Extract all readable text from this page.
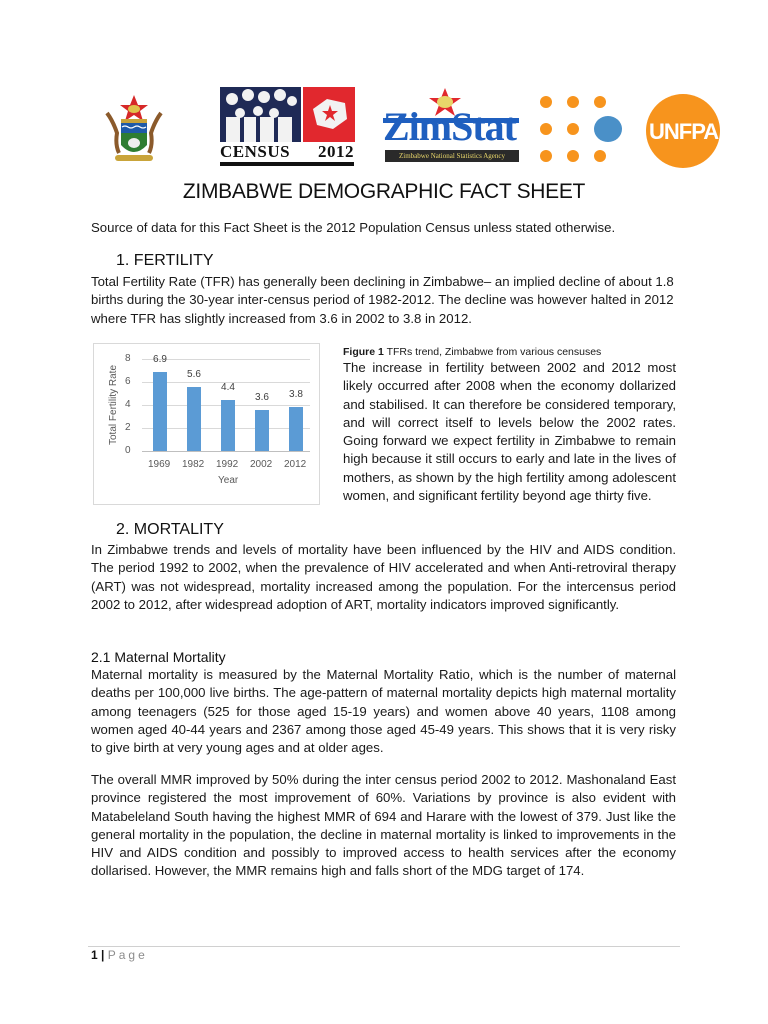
CENSUS 2012
ZimStat
Zimbabwe National Statistics Agency
UNFPA
ZIMBABWE DEMOGRAPHIC FACT SHEET
Source of data for this Fact Sheet is the 2012 Population Census unless stated otherwise.
1. FERTILITY
Total Fertility Rate (TFR) has generally been declining in Zimbabwe– an implied decline of about 1.8 births during the 30-year inter-census period of 1982-2012. The decline was however halted in 2012 where TFR has slightly increased from 3.6 in 2002 to 3.8 in 2012.
Total Fertility Rate
8
6
4
2
0
6.9
5.6
4.4
3.6	3.8
1969 1982 1992 2002 2012
Year
Figure 1 TFRs trend, Zimbabwe from various censuses
The increase in fertility between 2002 and 2012 most likely occurred after 2008 when the economy dollarized and stabilised. It can therefore be considered temporary, and will correct itself to levels below the 2002 rates. Going forward we expect fertility in Zimbabwe to remain high because it still occurs to early and late in the lives of mothers, as shown by the high fertility among adolescent women, and significant fertility beyond age thirty five.
2. MORTALITY
In Zimbabwe trends and levels of mortality have been influenced by the HIV and AIDS condition. The period 1992 to 2002, when the prevalence of HIV accelerated and when Anti-retroviral therapy (ART) was not widespread, mortality increased among the population. For the intercensus period 2002 to 2012, after widespread adoption of ART, mortality indicators improved significantly.
2.1 Maternal Mortality
Maternal mortality is measured by the Maternal Mortality Ratio, which is the number of maternal deaths per 100,000 live births. The age-pattern of maternal mortality depicts high maternal mortality among teenagers (525 for those aged 15-19 years) and women above 40 years, 1108 among women aged 40-44 years and 2367 among those aged 45-49 years. This shows that it is very risky to give birth at very young ages and at older ages.
The overall MMR improved by 50% during the inter census period 2002 to 2012. Mashonaland East province registered the most improvement of 60%. Variations by province is also evident with Matabeleland South having the highest MMR of 694 and Harare with the lowest of 379. Just like the general mortality in the population, the decline in maternal mortality is linked to improvements in the HIV and AIDS condition and possibly to improved access to health services after the economy dollarised. However, the MMR remains high and falls short of the MDG target of 174.
1 | Page
